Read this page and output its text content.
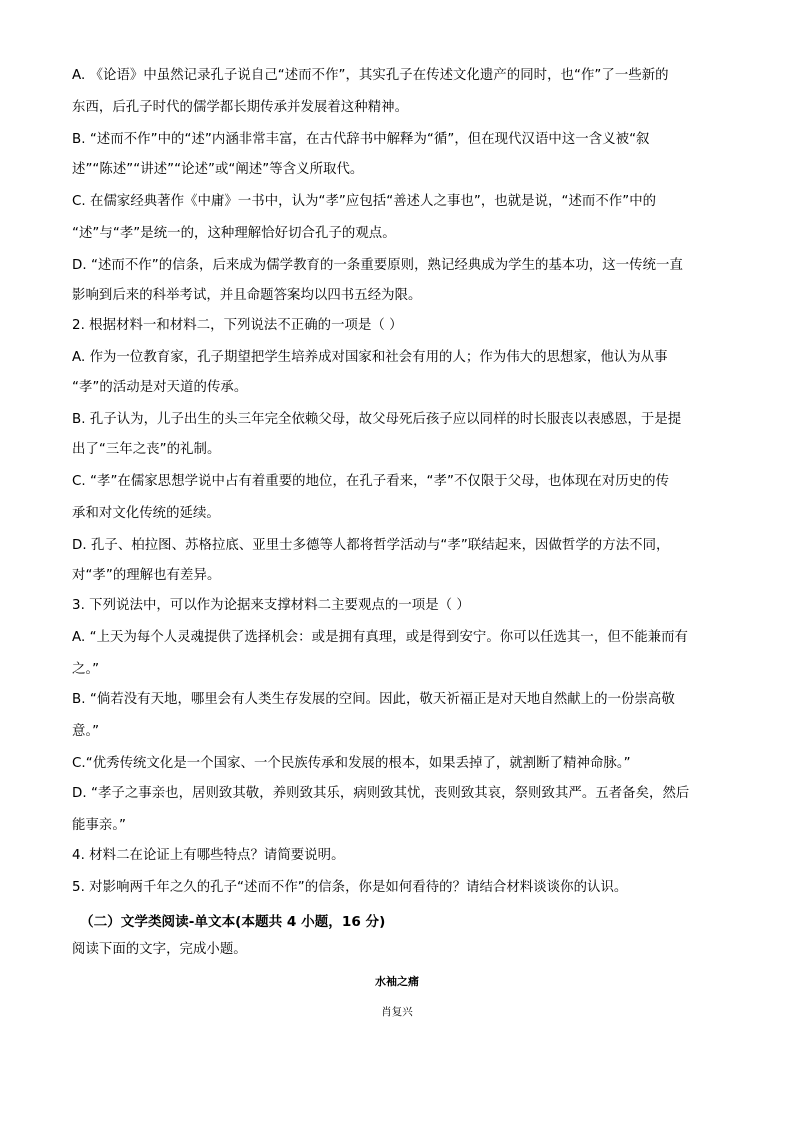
A. 《论语》中虽然记录孔子说自己“述而不作”，其实孔子在传述文化遗产的同时，也“作”了一些新的
东西，后孔子时代的儒学都长期传承并发展着这种精神。
B. “述而不作”中的“述”内涵非常丰富，在古代辞书中解释为“循”，但在现代汉语中这一含义被“叙
述”“陈述”“讲述”“论述”或“阐述”等含义所取代。
C. 在儒家经典著作《中庸》一书中，认为“孝”应包括“善述人之事也”，也就是说，“述而不作”中的
“述”与“孝”是统一的，这种理解恰好切合孔子的观点。
D. “述而不作”的信条，后来成为儒学教育的一条重要原则，熟记经典成为学生的基本功，这一传统一直
影响到后来的科举考试，并且命题答案均以四书五经为限。
2. 根据材料一和材料二，下列说法不正确的一项是（ ）
A. 作为一位教育家，孔子期望把学生培养成对国家和社会有用的人；作为伟大的思想家，他认为从事
“孝”的活动是对天道的传承。
B. 孔子认为，儿子出生的头三年完全依赖父母，故父母死后孩子应以同样的时长服丧以表感恩，于是提
出了“三年之丧”的礼制。
C. “孝”在儒家思想学说中占有着重要的地位，在孔子看来，“孝”不仅限于父母，也体现在对历史的传
承和对文化传统的延续。
D. 孔子、柏拉图、苏格拉底、亚里士多德等人都将哲学活动与“孝”联结起来，因做哲学的方法不同，
对“孝”的理解也有差异。
3. 下列说法中，可以作为论据来支撑材料二主要观点的一项是（ ）
A. “上天为每个人灵魂提供了选择机会：或是拥有真理，或是得到安宁。你可以任选其一，但不能兼而有
之。”
B. “倘若没有天地，哪里会有人类生存发展的空间。因此，敬天祈福正是对天地自然献上的一份崇高敬
意。”
C.“优秀传统文化是一个国家、一个民族传承和发展的根本，如果丢掉了，就割断了精神命脉。”
D. “孝子之事亲也，居则致其敬，养则致其乐，病则致其忧，丧则致其哀，祭则致其严。五者备矣，然后
能事亲。”
4. 材料二在论证上有哪些特点？请简要说明。
5. 对影响两千年之久的孔子“述而不作”的信条，你是如何看待的？请结合材料谈谈你的认识。
（二）文学类阅读-单文本(本题共 4 小题，16 分)
阅读下面的文字，完成小题。
水袖之痛
肖复兴
